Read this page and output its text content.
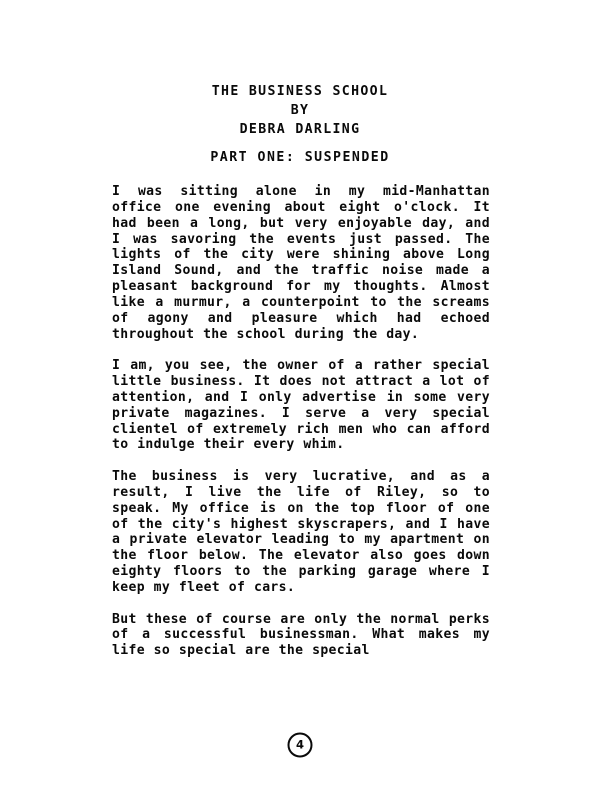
THE BUSINESS SCHOOL
BY
DEBRA DARLING
PART ONE: SUSPENDED

I was sitting alone in my mid-Manhattan office one evening about eight o'clock. It had been a long, but very enjoyable day, and I was savoring the events just passed. The lights of the city were shining above Long Island Sound, and the traffic noise made a pleasant background for my thoughts. Almost like a murmur, a counterpoint to the screams of agony and pleasure which had echoed throughout the school during the day.

I am, you see, the owner of a rather special little business. It does not attract a lot of attention, and I only advertise in some very private magazines. I serve a very special clientel of extremely rich men who can afford to indulge their every whim.

The business is very lucrative, and as a result, I live the life of Riley, so to speak. My office is on the top floor of one of the city's highest skyscrapers, and I have a private elevator leading to my apartment on the floor below. The elevator also goes down eighty floors to the parking garage where I keep my fleet of cars.

But these of course are only the normal perks of a successful businessman. What makes my life so special are the special

4
